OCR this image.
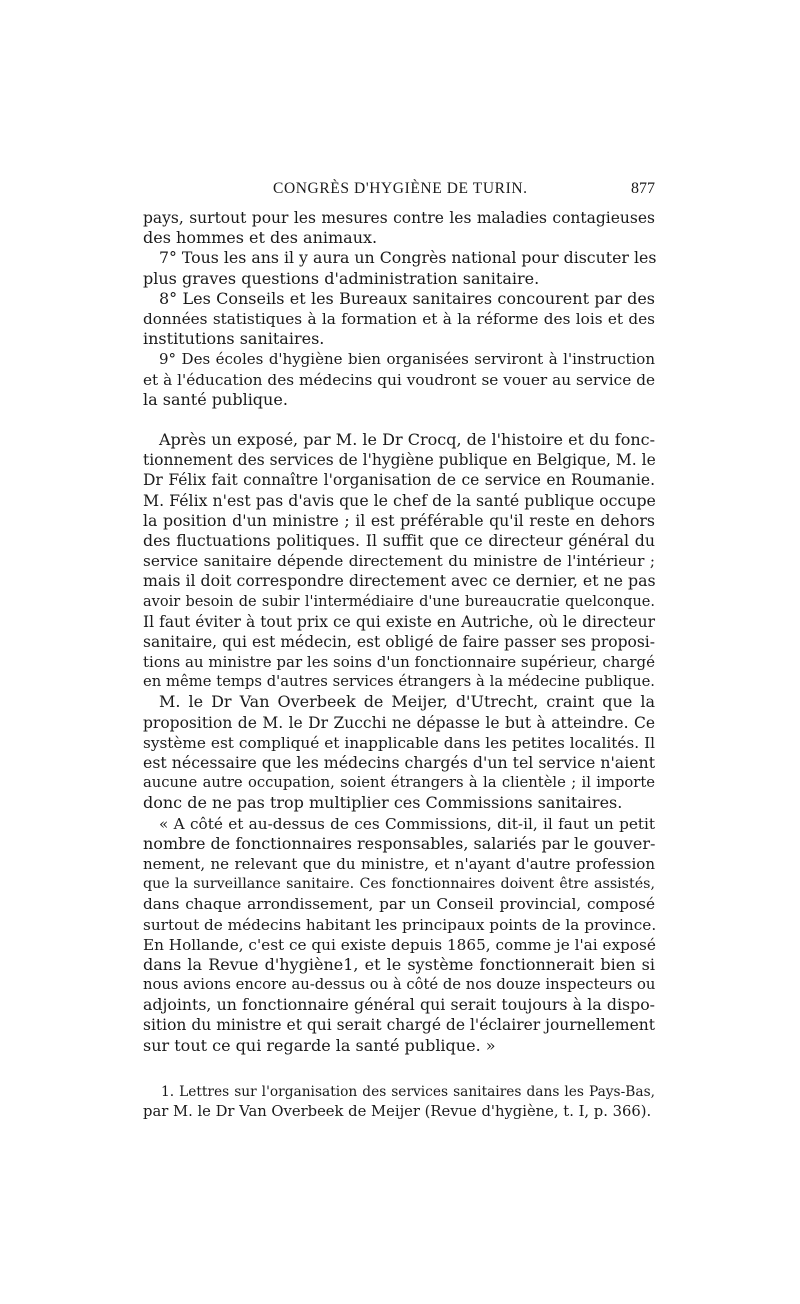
CONGRÈS D'HYGIÈNE DE TURIN.	877
pays, surtout pour les mesures contre les maladies contagieuses
des hommes et des animaux.
7° Tous les ans il y aura un Congrès national pour discuter les
plus graves questions d'administration sanitaire.
8° Les Conseils et les Bureaux sanitaires concourent par des
données statistiques à la formation et à la réforme des lois et des
institutions sanitaires.
9° Des écoles d'hygiène bien organisées serviront à l'instruction
et à l'éducation des médecins qui voudront se vouer au service de
la santé publique.
Après un exposé, par M. le Dr Crocq, de l'histoire et du fonc-
tionnement des services de l'hygiène publique en Belgique, M. le
Dr Félix fait connaître l'organisation de ce service en Roumanie.
M. Félix n'est pas d'avis que le chef de la santé publique occupe
la position d'un ministre ; il est préférable qu'il reste en dehors
des fluctuations politiques. Il suffit que ce directeur général du
service sanitaire dépende directement du ministre de l'intérieur ;
mais il doit correspondre directement avec ce dernier, et ne pas
avoir besoin de subir l'intermédiaire d'une bureaucratie quelconque.
Il faut éviter à tout prix ce qui existe en Autriche, où le directeur
sanitaire, qui est médecin, est obligé de faire passer ses proposi-
tions au ministre par les soins d'un fonctionnaire supérieur, chargé
en même temps d'autres services étrangers à la médecine publique.
M. le Dr Van Overbeek de Meijer, d'Utrecht, craint que la
proposition de M. le Dr Zucchi ne dépasse le but à atteindre. Ce
système est compliqué et inapplicable dans les petites localités. Il
est nécessaire que les médecins chargés d'un tel service n'aient
aucune autre occupation, soient étrangers à la clientèle ; il importe
donc de ne pas trop multiplier ces Commissions sanitaires.
« A côté et au-dessus de ces Commissions, dit-il, il faut un petit
nombre de fonctionnaires responsables, salariés par le gouver-
nement, ne relevant que du ministre, et n'ayant d'autre profession
que la surveillance sanitaire. Ces fonctionnaires doivent être assistés,
dans chaque arrondissement, par un Conseil provincial, composé
surtout de médecins habitant les principaux points de la province.
En Hollande, c'est ce qui existe depuis 1865, comme je l'ai exposé
dans la Revue d'hygiène1, et le système fonctionnerait bien si
nous avions encore au-dessus ou à côté de nos douze inspecteurs ou
adjoints, un fonctionnaire général qui serait toujours à la dispo-
sition du ministre et qui serait chargé de l'éclairer journellement
sur tout ce qui regarde la santé publique. »
1. Lettres sur l'organisation des services sanitaires dans les Pays-Bas,
par M. le Dr Van Overbeek de Meijer (Revue d'hygiène, t. I, p. 366).
